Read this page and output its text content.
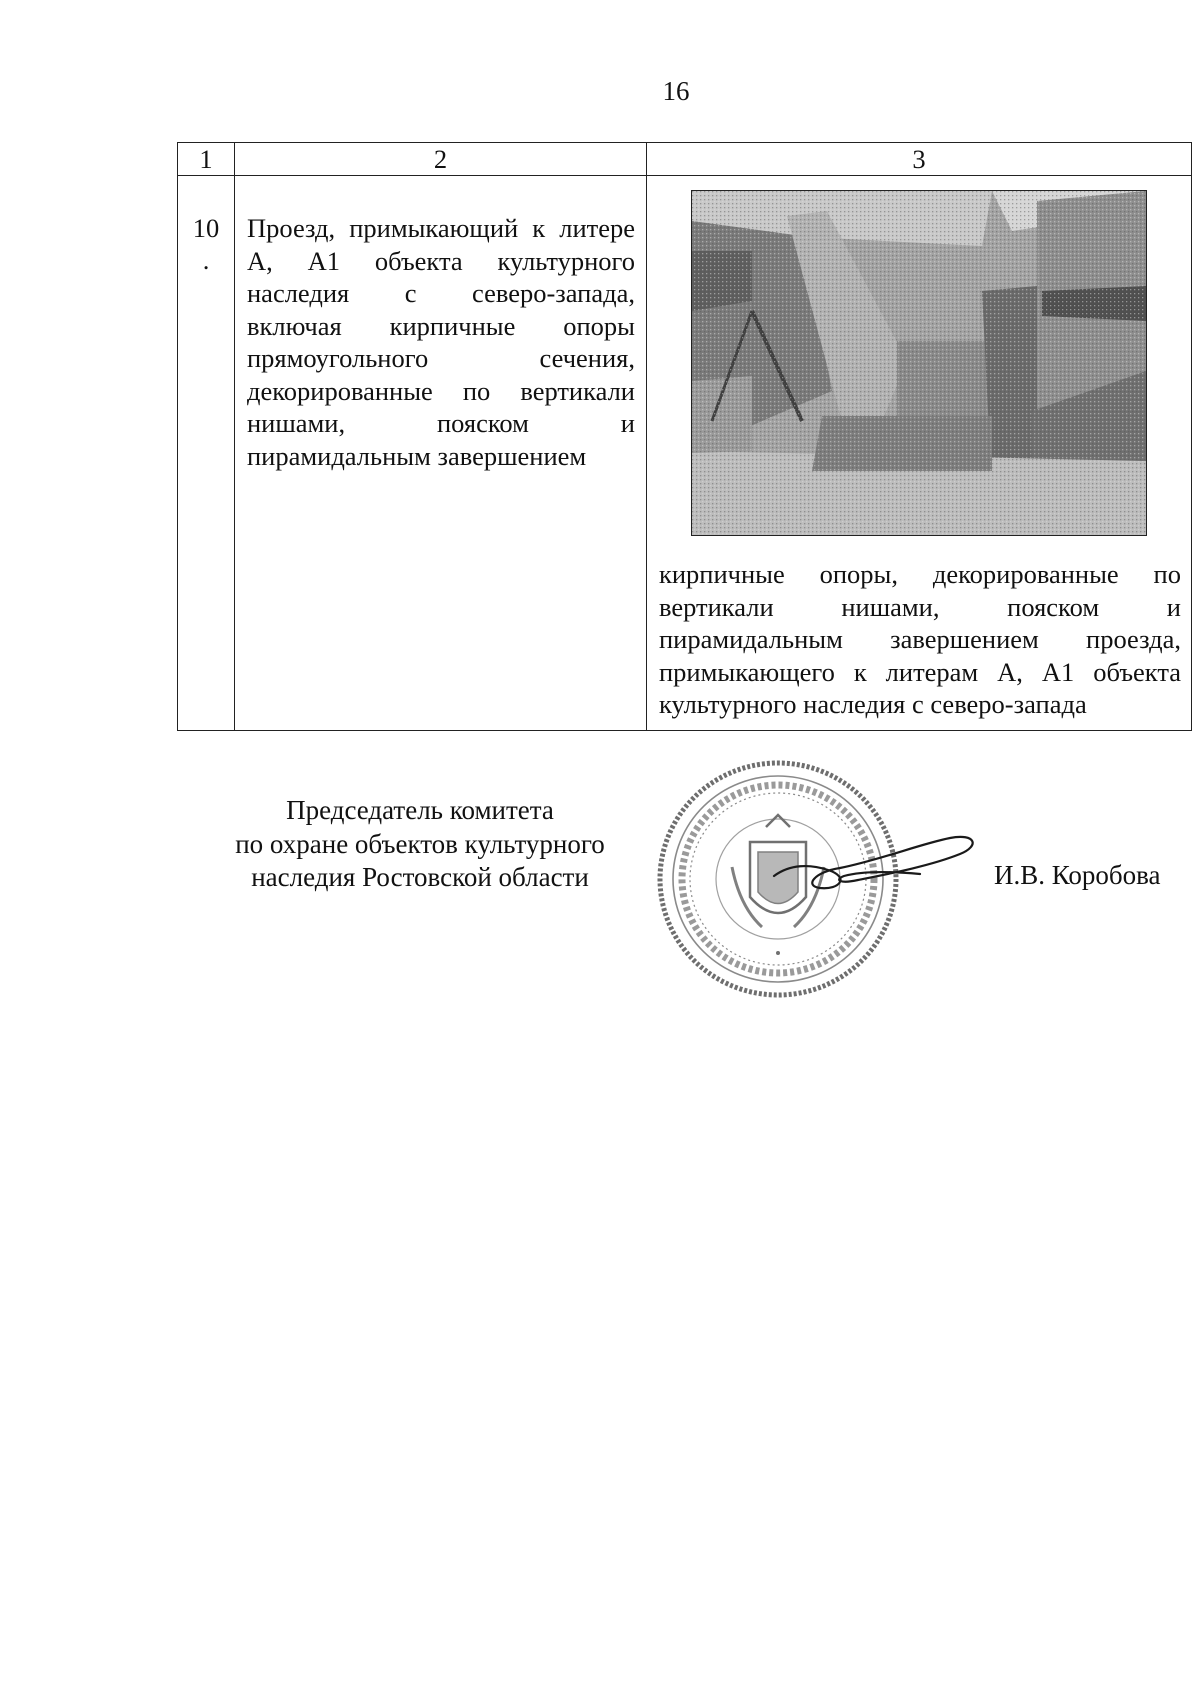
16
1	2	3

10
.	Проезд, примыкающий к литере А, А1 объекта культурного наследия с северо-запада, включая кирпичные опоры прямоугольного сечения, декорированные по вертикали нишами, пояском и пирамидальным завершением	кирпичные опоры, декорированные по вертикали нишами, пояском и пирамидальным завершением проезда, примыкающего к литерам А, А1 объекта культурного наследия с северо-запада
Председатель комитета
по охране объектов культурного
наследия Ростовской области	И.В. Коробова
